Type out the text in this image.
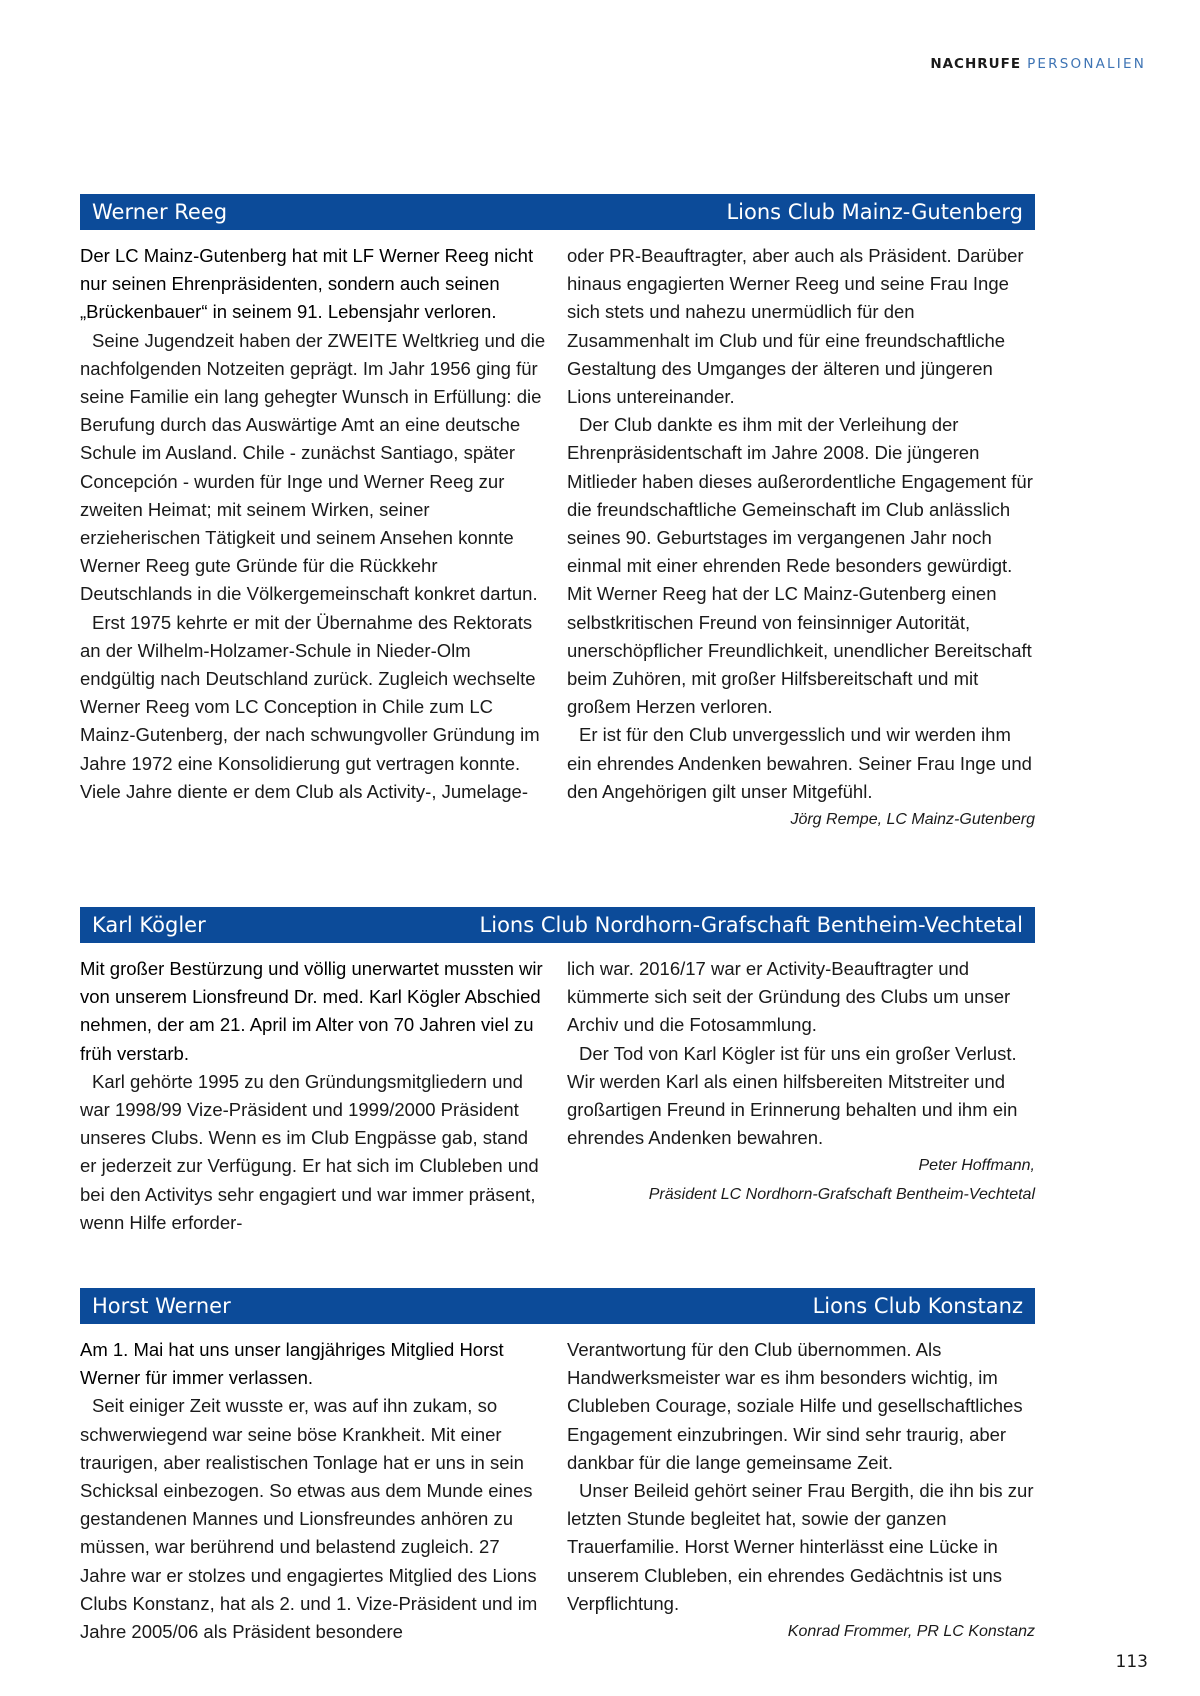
NACHRUFE PERSONALIEN
Werner Reeg	Lions Club Mainz-Gutenberg

Der LC Mainz-Gutenberg hat mit LF Werner Reeg nicht nur seinen Ehrenpräsidenten, sondern auch seinen „Brückenbauer“ in seinem 91. Lebensjahr verloren.

Seine Jugendzeit haben der ZWEITE Weltkrieg und die nachfolgenden Notzeiten geprägt. Im Jahr 1956 ging für seine Familie ein lang gehegter Wunsch in Erfüllung: die Berufung durch das Auswärtige Amt an eine deutsche Schule im Ausland. Chile - zunächst Santiago, später Concepción - wurden für Inge und Werner Reeg zur zweiten Heimat; mit seinem Wirken, seiner erzieherischen Tätigkeit und seinem Ansehen konnte Werner Reeg gute Gründe für die Rückkehr Deutschlands in die Völkergemeinschaft konkret dartun.

Erst 1975 kehrte er mit der Übernahme des Rektorats an der Wilhelm-Holzamer-Schule in Nieder-Olm endgültig nach Deutschland zurück. Zugleich wechselte Werner Reeg vom LC Conception in Chile zum LC Mainz-Gutenberg, der nach schwungvoller Gründung im Jahre 1972 eine Konsolidierung gut vertragen konnte. Viele Jahre diente er dem Club als Activity-, Jumelage-

oder PR-Beauftragter, aber auch als Präsident. Darüber hinaus engagierten Werner Reeg und seine Frau Inge sich stets und nahezu unermüdlich für den Zusammenhalt im Club und für eine freundschaftliche Gestaltung des Umganges der älteren und jüngeren Lions untereinander.

Der Club dankte es ihm mit der Verleihung der Ehrenpräsidentschaft im Jahre 2008. Die jüngeren Mitlieder haben dieses außerordentliche Engagement für die freundschaftliche Gemeinschaft im Club anlässlich seines 90. Geburtstages im vergangenen Jahr noch einmal mit einer ehrenden Rede besonders gewürdigt. Mit Werner Reeg hat der LC Mainz-Gutenberg einen selbstkritischen Freund von feinsinniger Autorität, unerschöpflicher Freundlichkeit, unendlicher Bereitschaft beim Zuhören, mit großer Hilfsbereitschaft und mit großem Herzen verloren.

Er ist für den Club unvergesslich und wir werden ihm ein ehrendes Andenken bewahren. Seiner Frau Inge und den Angehörigen gilt unser Mitgefühl.

Jörg Rempe, LC Mainz-Gutenberg

Karl Kögler	Lions Club Nordhorn-Grafschaft Bentheim-Vechtetal

Mit großer Bestürzung und völlig unerwartet mussten wir von unserem Lionsfreund Dr. med. Karl Kögler Abschied nehmen, der am 21. April im Alter von 70 Jahren viel zu früh verstarb.

Karl gehörte 1995 zu den Gründungsmitgliedern und war 1998/99 Vize-Präsident und 1999/2000 Präsident unseres Clubs. Wenn es im Club Engpässe gab, stand er jederzeit zur Verfügung. Er hat sich im Clubleben und bei den Activitys sehr engagiert und war immer präsent, wenn Hilfe erforder-

lich war. 2016/17 war er Activity-Beauftragter und kümmerte sich seit der Gründung des Clubs um unser Archiv und die Fotosammlung.

Der Tod von Karl Kögler ist für uns ein großer Verlust. Wir werden Karl als einen hilfsbereiten Mitstreiter und großartigen Freund in Erinnerung behalten und ihm ein ehrendes Andenken bewahren.

Peter Hoffmann,

Präsident LC Nordhorn-Grafschaft Bentheim-Vechtetal

Horst Werner	Lions Club Konstanz

Am 1. Mai hat uns unser langjähriges Mitglied Horst Werner für immer verlassen.

Seit einiger Zeit wusste er, was auf ihn zukam, so schwerwiegend war seine böse Krankheit. Mit einer traurigen, aber realistischen Tonlage hat er uns in sein Schicksal einbezogen. So etwas aus dem Munde eines gestandenen Mannes und Lionsfreundes anhören zu müssen, war berührend und belastend zugleich. 27 Jahre war er stolzes und engagiertes Mitglied des Lions Clubs Konstanz, hat als 2. und 1. Vize-Präsident und im Jahre 2005/06 als Präsident besondere

Verantwortung für den Club übernommen. Als Handwerksmeister war es ihm besonders wichtig, im Clubleben Courage, soziale Hilfe und gesellschaftliches Engagement einzubringen. Wir sind sehr traurig, aber dankbar für die lange gemeinsame Zeit.

Unser Beileid gehört seiner Frau Bergith, die ihn bis zur letzten Stunde begleitet hat, sowie der ganzen Trauerfamilie. Horst Werner hinterlässt eine Lücke in unserem Clubleben, ein ehrendes Gedächtnis ist uns Verpflichtung.

Konrad Frommer, PR LC Konstanz

113
